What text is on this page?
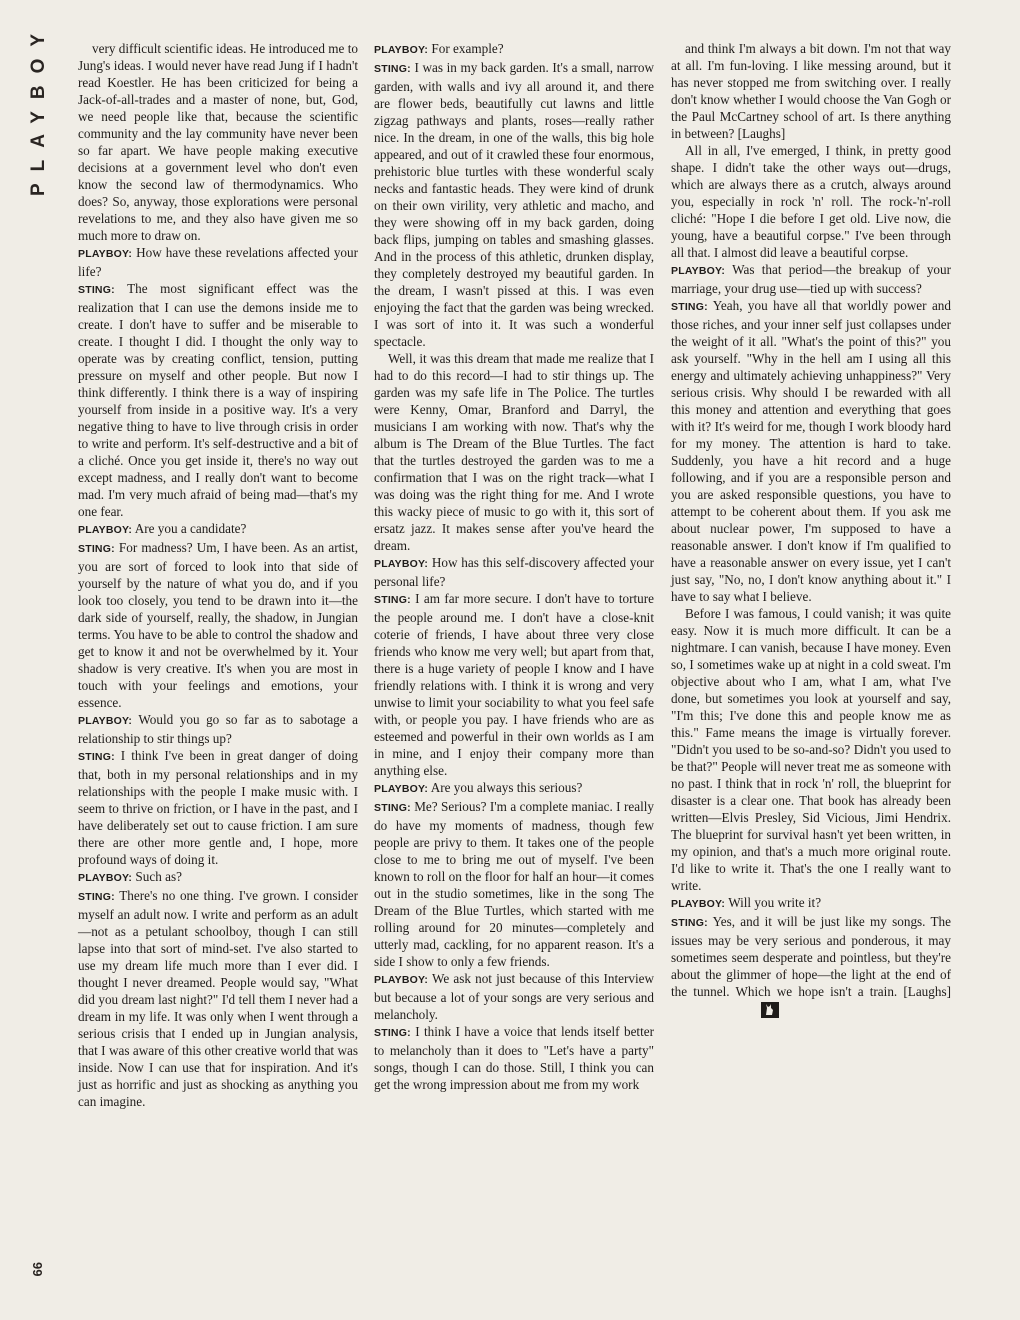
PLAYBOY
66

very difficult scientific ideas. He introduced me to Jung's ideas. I would never have read Jung if I hadn't read Koestler. He has been criticized for being a Jack-of-all-trades and a master of none, but, God, we need people like that, because the scientific community and the lay community have never been so far apart. We have people making executive decisions at a government level who don't even know the second law of thermodynamics. Who does? So, anyway, those explorations were personal revelations to me, and they also have given me so much more to draw on.

PLAYBOY: How have these revelations affected your life?

STING: The most significant effect was the realization that I can use the demons inside me to create. I don't have to suffer and be miserable to create. I thought I did. I thought the only way to operate was by creating conflict, tension, putting pressure on myself and other people. But now I think differently. I think there is a way of inspiring yourself from inside in a positive way. It's a very negative thing to have to live through crisis in order to write and perform. It's self-destructive and a bit of a cliché. Once you get inside it, there's no way out except madness, and I really don't want to become mad. I'm very much afraid of being mad—that's my one fear.

PLAYBOY: Are you a candidate?

STING: For madness? Um, I have been. As an artist, you are sort of forced to look into that side of yourself by the nature of what you do, and if you look too closely, you tend to be drawn into it—the dark side of yourself, really, the shadow, in Jungian terms. You have to be able to control the shadow and get to know it and not be overwhelmed by it. Your shadow is very creative. It's when you are most in touch with your feelings and emotions, your essence.

PLAYBOY: Would you go so far as to sabotage a relationship to stir things up?

STING: I think I've been in great danger of doing that, both in my personal relationships and in my relationships with the people I make music with. I seem to thrive on friction, or I have in the past, and I have deliberately set out to cause friction. I am sure there are other more gentle and, I hope, more profound ways of doing it.

PLAYBOY: Such as?

STING: There's no one thing. I've grown. I consider myself an adult now. I write and perform as an adult—not as a petulant schoolboy, though I can still lapse into that sort of mind-set. I've also started to use my dream life much more than I ever did. I thought I never dreamed. People would say, "What did you dream last night?" I'd tell them I never had a dream in my life. It was only when I went through a serious crisis that I ended up in Jungian analysis, that I was aware of this other creative world that was inside. Now I can use that for inspiration. And it's just as horrific and just as shocking as anything you can imagine.

PLAYBOY: For example?

STING: I was in my back garden. It's a small, narrow garden, with walls and ivy all around it, and there are flower beds, beautifully cut lawns and little zigzag pathways and plants, roses—really rather nice. In the dream, in one of the walls, this big hole appeared, and out of it crawled these four enormous, prehistoric blue turtles with these wonderful scaly necks and fantastic heads. They were kind of drunk on their own virility, very athletic and macho, and they were showing off in my back garden, doing back flips, jumping on tables and smashing glasses. And in the process of this athletic, drunken display, they completely destroyed my beautiful garden. In the dream, I wasn't pissed at this. I was even enjoying the fact that the garden was being wrecked. I was sort of into it. It was such a wonderful spectacle.

Well, it was this dream that made me realize that I had to do this record—I had to stir things up. The garden was my safe life in The Police. The turtles were Kenny, Omar, Branford and Darryl, the musicians I am working with now. That's why the album is The Dream of the Blue Turtles. The fact that the turtles destroyed the garden was to me a confirmation that I was on the right track—what I was doing was the right thing for me. And I wrote this wacky piece of music to go with it, this sort of ersatz jazz. It makes sense after you've heard the dream.

PLAYBOY: How has this self-discovery affected your personal life?

STING: I am far more secure. I don't have to torture the people around me. I don't have a close-knit coterie of friends, I have about three very close friends who know me very well; but apart from that, there is a huge variety of people I know and I have friendly relations with. I think it is wrong and very unwise to limit your sociability to what you feel safe with, or people you pay. I have friends who are as esteemed and powerful in their own worlds as I am in mine, and I enjoy their company more than anything else.

PLAYBOY: Are you always this serious?

STING: Me? Serious? I'm a complete maniac. I really do have my moments of madness, though few people are privy to them. It takes one of the people close to me to bring me out of myself. I've been known to roll on the floor for half an hour—it comes out in the studio sometimes, like in the song The Dream of the Blue Turtles, which started with me rolling around for 20 minutes—completely and utterly mad, cackling, for no apparent reason. It's a side I show to only a few friends.

PLAYBOY: We ask not just because of this Interview but because a lot of your songs are very serious and melancholy.

STING: I think I have a voice that lends itself better to melancholy than it does to "Let's have a party" songs, though I can do those. Still, I think you can get the wrong impression about me from my work

and think I'm always a bit down. I'm not that way at all. I'm fun-loving. I like messing around, but it has never stopped me from switching over. I really don't know whether I would choose the Van Gogh or the Paul McCartney school of art. Is there anything in between? [Laughs]

All in all, I've emerged, I think, in pretty good shape. I didn't take the other ways out—drugs, which are always there as a crutch, always around you, especially in rock 'n' roll. The rock-'n'-roll cliché: "Hope I die before I get old. Live now, die young, have a beautiful corpse." I've been through all that. I almost did leave a beautiful corpse.

PLAYBOY: Was that period—the breakup of your marriage, your drug use—tied up with success?

STING: Yeah, you have all that worldly power and those riches, and your inner self just collapses under the weight of it all. "What's the point of this?" you ask yourself. "Why in the hell am I using all this energy and ultimately achieving unhappiness?" Very serious crisis. Why should I be rewarded with all this money and attention and everything that goes with it? It's weird for me, though I work bloody hard for my money. The attention is hard to take. Suddenly, you have a hit record and a huge following, and if you are a responsible person and you are asked responsible questions, you have to attempt to be coherent about them. If you ask me about nuclear power, I'm supposed to have a reasonable answer. I don't know if I'm qualified to have a reasonable answer on every issue, yet I can't just say, "No, no, I don't know anything about it." I have to say what I believe.

Before I was famous, I could vanish; it was quite easy. Now it is much more difficult. It can be a nightmare. I can vanish, because I have money. Even so, I sometimes wake up at night in a cold sweat. I'm objective about who I am, what I am, what I've done, but sometimes you look at yourself and say, "I'm this; I've done this and people know me as this." Fame means the image is virtually forever. "Didn't you used to be so-and-so? Didn't you used to be that?" People will never treat me as someone with no past. I think that in rock 'n' roll, the blueprint for disaster is a clear one. That book has already been written—Elvis Presley, Sid Vicious, Jimi Hendrix. The blueprint for survival hasn't yet been written, in my opinion, and that's a much more original route. I'd like to write it. That's the one I really want to write.

PLAYBOY: Will you write it?

STING: Yes, and it will be just like my songs. The issues may be very serious and ponderous, it may sometimes seem desperate and pointless, but they're about the glimmer of hope—the light at the end of the tunnel. Which we hope isn't a train. [Laughs]
